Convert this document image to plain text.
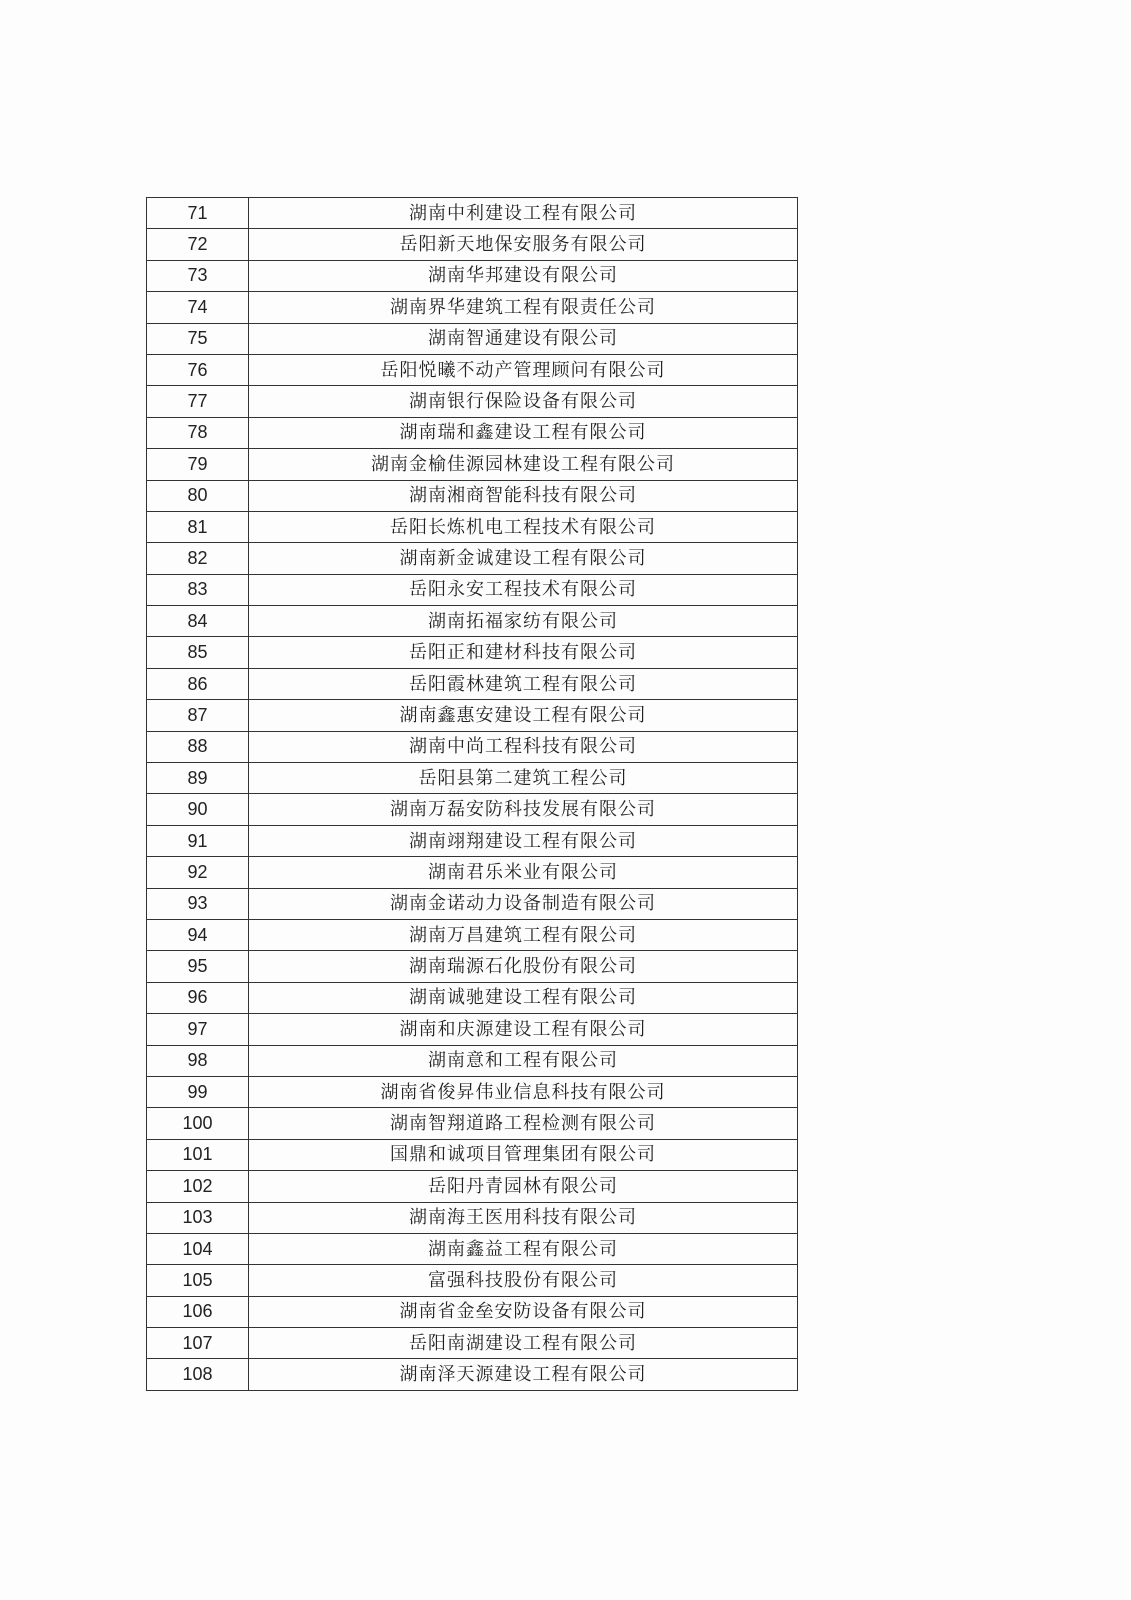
71	湖南中利建设工程有限公司
72	岳阳新天地保安服务有限公司
73	湖南华邦建设有限公司
74	湖南界华建筑工程有限责任公司
75	湖南智通建设有限公司
76	岳阳悦曦不动产管理顾问有限公司
77	湖南银行保险设备有限公司
78	湖南瑞和鑫建设工程有限公司
79	湖南金榆佳源园林建设工程有限公司
80	湖南湘商智能科技有限公司
81	岳阳长炼机电工程技术有限公司
82	湖南新金诚建设工程有限公司
83	岳阳永安工程技术有限公司
84	湖南拓福家纺有限公司
85	岳阳正和建材科技有限公司
86	岳阳霞林建筑工程有限公司
87	湖南鑫惠安建设工程有限公司
88	湖南中尚工程科技有限公司
89	岳阳县第二建筑工程公司
90	湖南万磊安防科技发展有限公司
91	湖南翊翔建设工程有限公司
92	湖南君乐米业有限公司
93	湖南金诺动力设备制造有限公司
94	湖南万昌建筑工程有限公司
95	湖南瑞源石化股份有限公司
96	湖南诚驰建设工程有限公司
97	湖南和庆源建设工程有限公司
98	湖南意和工程有限公司
99	湖南省俊昇伟业信息科技有限公司
100	湖南智翔道路工程检测有限公司
101	国鼎和诚项目管理集团有限公司
102	岳阳丹青园林有限公司
103	湖南海王医用科技有限公司
104	湖南鑫益工程有限公司
105	富强科技股份有限公司
106	湖南省金垒安防设备有限公司
107	岳阳南湖建设工程有限公司
108	湖南泽天源建设工程有限公司
